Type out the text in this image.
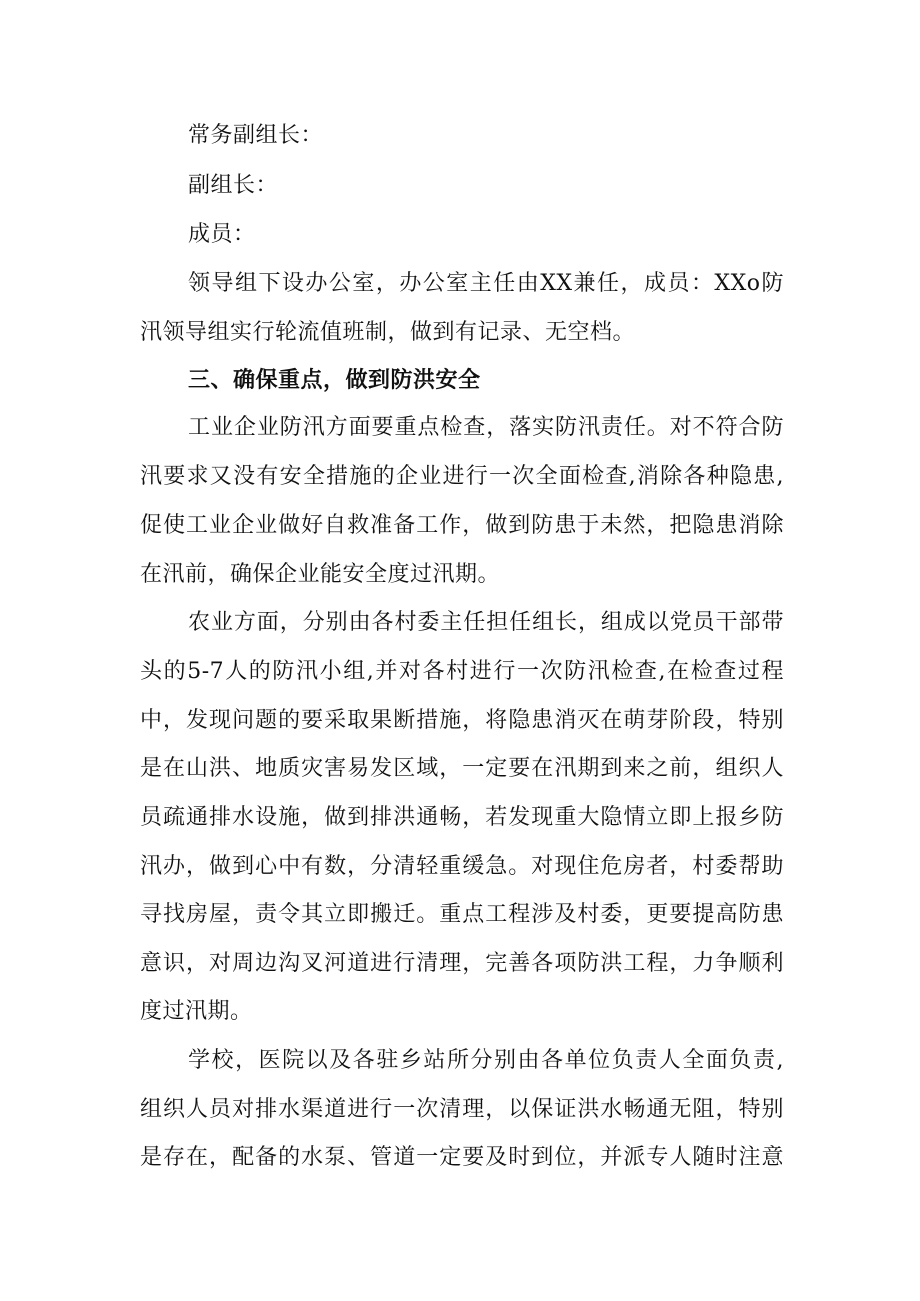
常务副组长：
副组长：
成员：
领导组下设办公室，办公室主任由XX兼任，成员：XXo防
汛领导组实行轮流值班制，做到有记录、无空档。
三、确保重点，做到防洪安全
工业企业防汛方面要重点检查，落实防汛责任。对不符合防
汛要求又没有安全措施的企业进行一次全面检查,消除各种隐患,
促使工业企业做好自救准备工作，做到防患于未然，把隐患消除
在汛前，确保企业能安全度过汛期。
农业方面，分别由各村委主任担任组长，组成以党员干部带
头的5-7人的防汛小组,并对各村进行一次防汛检查,在检查过程
中，发现问题的要采取果断措施，将隐患消灭在萌芽阶段，特别
是在山洪、地质灾害易发区域，一定要在汛期到来之前，组织人
员疏通排水设施，做到排洪通畅，若发现重大隐情立即上报乡防
汛办，做到心中有数，分清轻重缓急。对现住危房者，村委帮助
寻找房屋，责令其立即搬迁。重点工程涉及村委，更要提高防患
意识，对周边沟叉河道进行清理，完善各项防洪工程，力争顺利
度过汛期。
学校，医院以及各驻乡站所分别由各单位负责人全面负责,
组织人员对排水渠道进行一次清理，以保证洪水畅通无阻，特别
是存在，配备的水泵、管道一定要及时到位，并派专人随时注意
